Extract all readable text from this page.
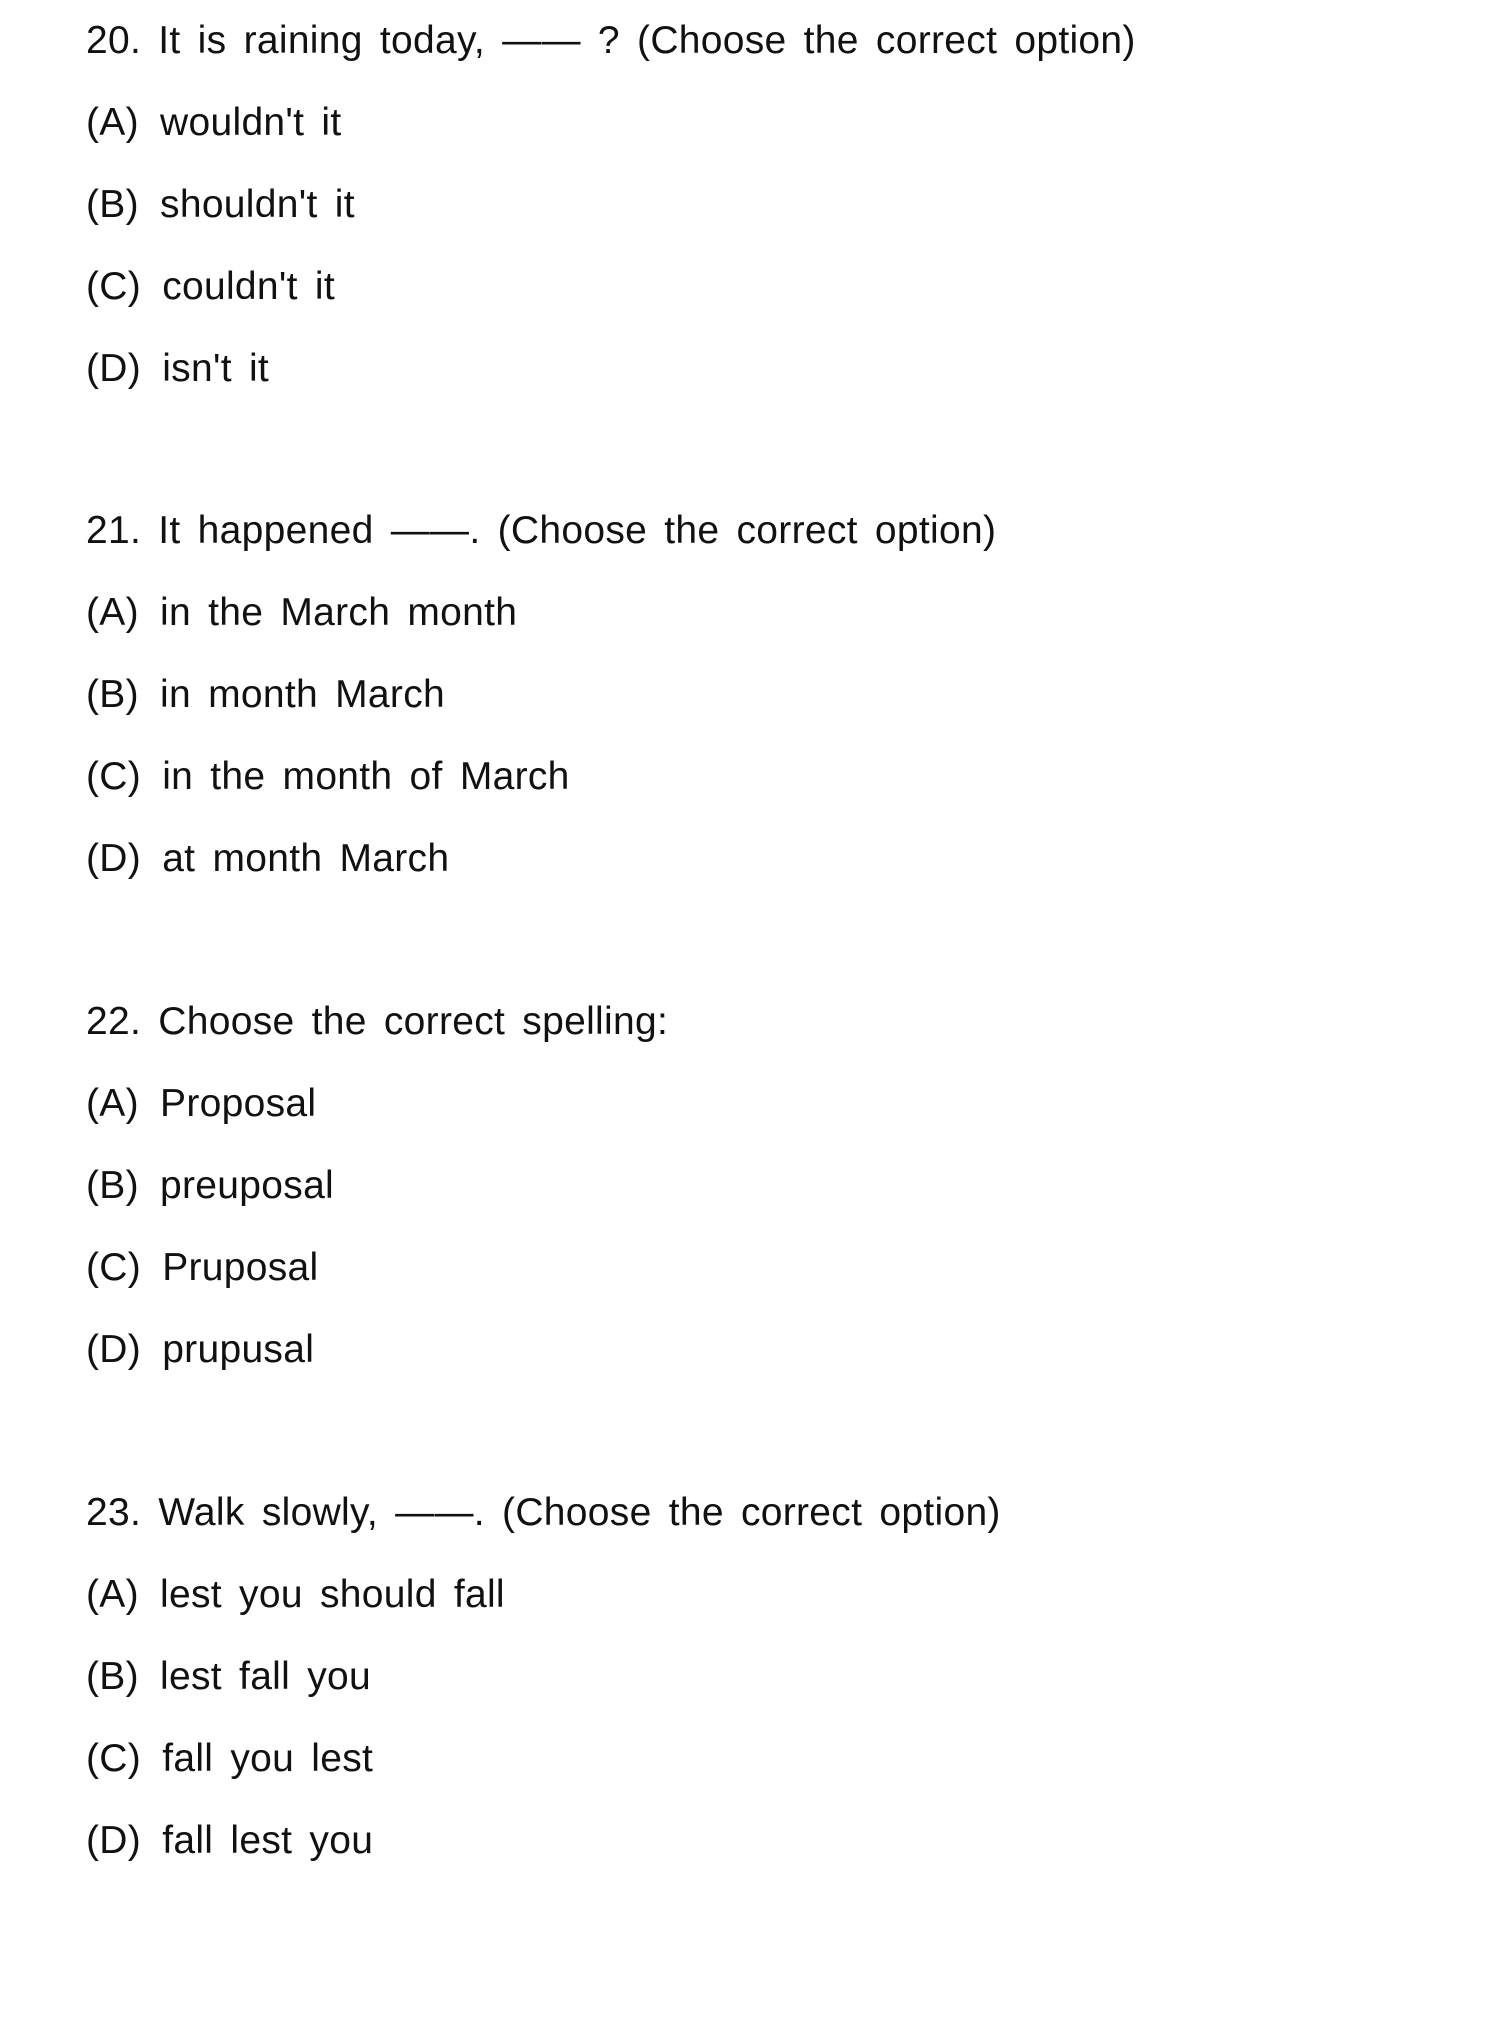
20. It is raining today, —— ? (Choose the correct option)
(A) wouldn't it
(B) shouldn't it
(C) couldn't it
(D) isn't it
21. It happened ——. (Choose the correct option)
(A) in the March month
(B) in month March
(C) in the month of March
(D) at month March
22. Choose the correct spelling:
(A) Proposal
(B) preuposal
(C) Pruposal
(D) prupusal
23. Walk slowly, ——. (Choose the correct option)
(A) lest you should fall
(B) lest fall you
(C) fall you lest
(D) fall lest you
